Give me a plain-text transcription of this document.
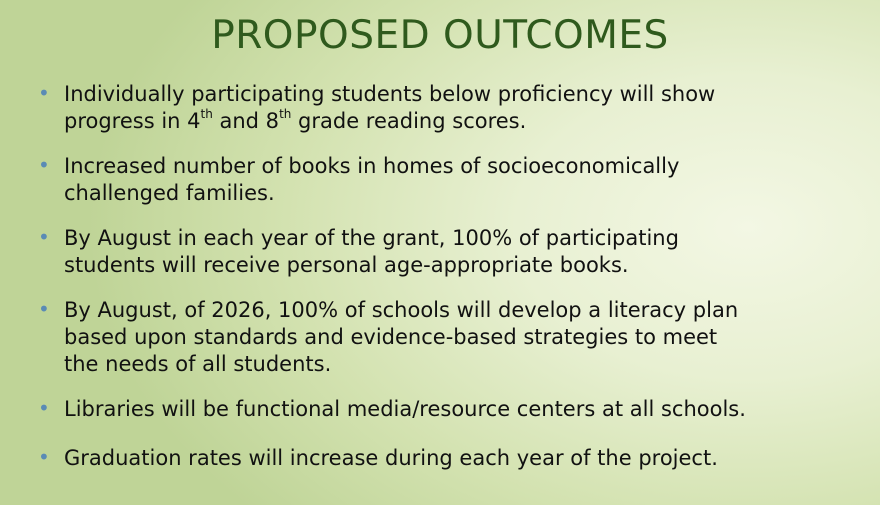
PROPOSED OUTCOMES
• Individually participating students below proficiency will show
progress in 4th and 8th grade reading scores.
• Increased number of books in homes of socioeconomically
challenged families.
• By August in each year of the grant, 100% of participating
students will receive personal age-appropriate books.
• By August, of 2026, 100% of schools will develop a literacy plan
based upon standards and evidence-based strategies to meet
the needs of all students.
• Libraries will be functional media/resource centers at all schools.
• Graduation rates will increase during each year of the project.
